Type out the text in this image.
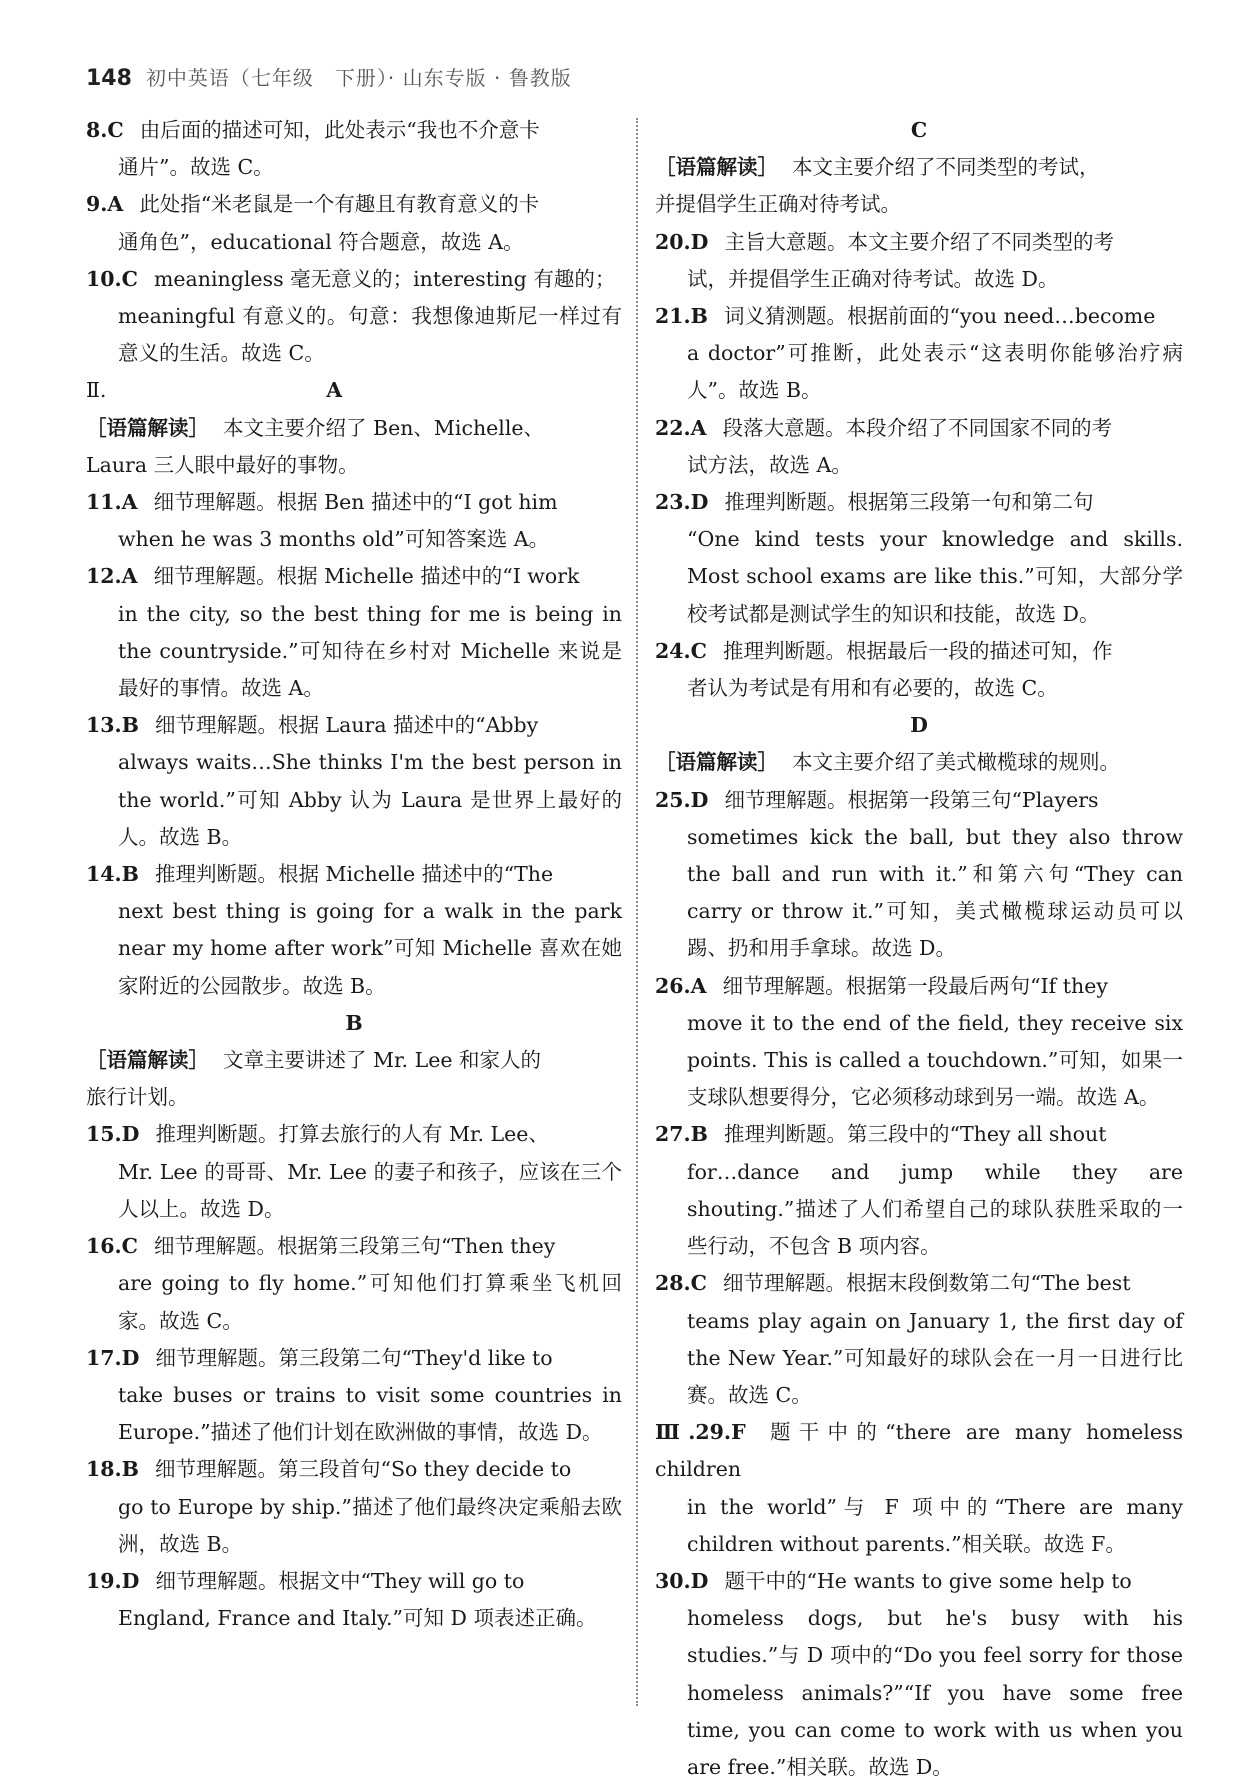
148 初中英语（七年级　下册）· 山东专版 · 鲁教版
8.C 由后面的描述可知，此处表示“我也不介意卡
通片”。故选 C。
9.A 此处指“米老鼠是一个有趣且有教育意义的卡
通角色”，educational 符合题意，故选 A。
10.C meaningless 毫无意义的；interesting 有趣的；
meaningful 有意义的。句意：我想像迪斯尼一样过有意义的生活。故选 C。
Ⅱ.	A
［语篇解读］ 本文主要介绍了 Ben、Michelle、
Laura 三人眼中最好的事物。
11.A 细节理解题。根据 Ben 描述中的“I got him
when he was 3 months old”可知答案选 A。
12.A 细节理解题。根据 Michelle 描述中的“I work
in the city, so the best thing for me is being in the countryside.”可知待在乡村对 Michelle 来说是最好的事情。故选 A。
13.B 细节理解题。根据 Laura 描述中的“Abby
always waits…She thinks I'm the best person in the world.”可知 Abby 认为 Laura 是世界上最好的人。故选 B。
14.B 推理判断题。根据 Michelle 描述中的“The
next best thing is going for a walk in the park near my home after work”可知 Michelle 喜欢在她家附近的公园散步。故选 B。
B
［语篇解读］ 文章主要讲述了 Mr. Lee 和家人的
旅行计划。
15.D 推理判断题。打算去旅行的人有 Mr. Lee、
Mr. Lee 的哥哥、Mr. Lee 的妻子和孩子，应该在三个人以上。故选 D。
16.C 细节理解题。根据第三段第三句“Then they
are going to fly home.”可知他们打算乘坐飞机回家。故选 C。
17.D 细节理解题。第三段第二句“They'd like to
take buses or trains to visit some countries in Europe.”描述了他们计划在欧洲做的事情，故选 D。
18.B 细节理解题。第三段首句“So they decide to
go to Europe by ship.”描述了他们最终决定乘船去欧洲，故选 B。
19.D 细节理解题。根据文中“They will go to
England, France and Italy.”可知 D 项表述正确。
C
［语篇解读］ 本文主要介绍了不同类型的考试，
并提倡学生正确对待考试。
20.D 主旨大意题。本文主要介绍了不同类型的考
试，并提倡学生正确对待考试。故选 D。
21.B 词义猜测题。根据前面的“you need…become
a doctor”可推断，此处表示“这表明你能够治疗病人”。故选 B。
22.A 段落大意题。本段介绍了不同国家不同的考
试方法，故选 A。
23.D 推理判断题。根据第三段第一句和第二句
“One kind tests your knowledge and skills. Most school exams are like this.”可知，大部分学校考试都是测试学生的知识和技能，故选 D。
24.C 推理判断题。根据最后一段的描述可知，作
者认为考试是有用和有必要的，故选 C。
D
［语篇解读］ 本文主要介绍了美式橄榄球的规则。
25.D 细节理解题。根据第一段第三句“Players
sometimes kick the ball, but they also throw the ball and run with it.”和第六句“They can carry or throw it.”可知，美式橄榄球运动员可以踢、扔和用手拿球。故选 D。
26.A 细节理解题。根据第一段最后两句“If they
move it to the end of the field, they receive six points. This is called a touchdown.”可知，如果一支球队想要得分，它必须移动球到另一端。故选 A。
27.B 推理判断题。第三段中的“They all shout
for…dance and jump while they are shouting.”描述了人们希望自己的球队获胜采取的一些行动，不包含 B 项内容。
28.C 细节理解题。根据末段倒数第二句“The best
teams play again on January 1, the first day of the New Year.”可知最好的球队会在一月一日进行比赛。故选 C。
Ⅲ.29.F 题干中的“there are many homeless children
in the world”与 F 项中的“There are many children without parents.”相关联。故选 F。
30.D 题干中的“He wants to give some help to
homeless dogs, but he's busy with his studies.”与 D 项中的“Do you feel sorry for those homeless animals?”“If you have some free time, you can come to work with us when you are free.”相关联。故选 D。
